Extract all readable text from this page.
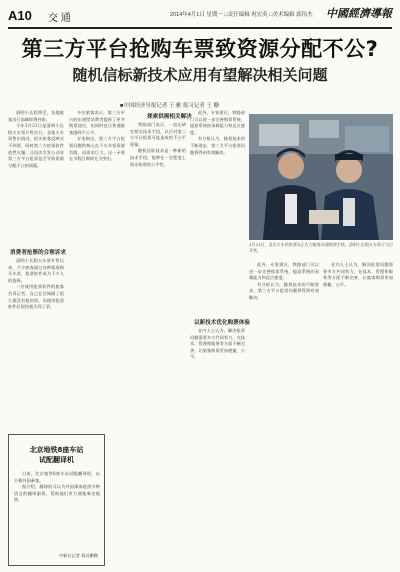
A10 交 通	2014年4月1日 星期一 □责任编辑 祝宏英 □美术编辑 郭伟杰 中國經濟導報
第三方平台抢购车票致资源分配不公?
随机信标新技术应用有望解决相关问题
■中国经济导报记者 王 雅 报习记者 王 姗

清明小长假将至，各地旅客出行高峰即将到来。

今年3月21日是清明小长假火车票开售首日，各地火车票售出情况，很多旅客反映买不到票，同时第三方抢票软件依然火爆，这再次引发公众对第三方平台抢票是否导致资源分配不公的质疑。

消费者抢票的合理诉求

清明小长假火车票开售以来，不少旅客通过各种渠道购买车票，抢票软件成为不少人的选择。

一位使用抢票软件的旅客告诉记者，自己在官网刷了很久都没有抢到票，而使用抢票软件后很快就买到了票。

多位旅客表示，第三方平台的出现给消费者提供了更多购票途径，但同时也让普通旅客感到不公平。

专家指出，第三方平台抢票问题的核心在于火车票资源有限，而需求巨大，这一矛盾在节假日期间尤为突出。

探索供需相关解决

铁路部门表示，一直在研究相关技术手段，以应对第三方平台抢票可能造成的不公平现象。

随机信标技术是一种新的技术手段，能够在一定程度上保证购票的公平性。

此外，专家建议，铁路部门可以进一步完善购票系统，提高系统的承载能力和反应速度。

有分析认为，随着技术的不断进步，第三方平台抢票问题将得到有效解决。

以新技术优化购票体验

业内人士认为，解决抢票问题需要多方共同努力，在技术、管理和服务等方面不断完善，让旅客购票更加便捷、公平。

3月21日，北京火车站售票员正在为旅客办理购票手续。清明小长假火车票于当日开售。

此外，专家建议，铁路部门可以进一步完善购票系统，提高系统的承载能力和反应速度。

有分析认为，随着技术的不断进步，第三方平台抢票问题将得到有效解决。

业内人士认为，解决抢票问题需要多方共同努力，在技术、管理和服务等方面不断完善，让旅客购票更加便捷、公平。

北京地铁8座车站
试配翻译机

日前，北京地铁8座车站试配翻译机，以方便外国乘客。

据介绍，翻译机可以为外国乘客提供多种语言的翻译服务，帮助他们更方便地乘坐地铁。

中新社记者 蒋其鹏摄
